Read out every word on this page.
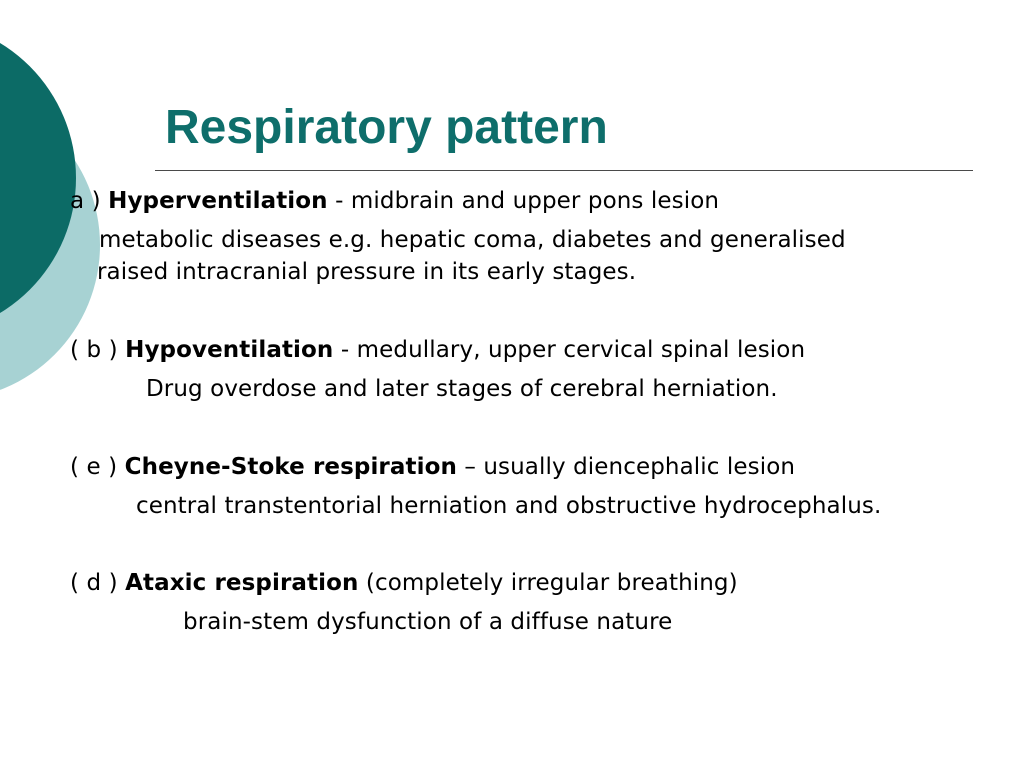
Respiratory pattern

a ) Hyperventilation - midbrain and upper pons lesion

metabolic diseases e.g. hepatic coma, diabetes and generalised

raised intracranial pressure in its early stages.

( b ) Hypoventilation - medullary, upper cervical spinal lesion

Drug overdose and later stages of cerebral herniation.

( e ) Cheyne-Stoke respiration – usually diencephalic lesion

central transtentorial herniation and obstructive hydrocephalus.

( d ) Ataxic respiration (completely irregular breathing)

brain-stem dysfunction of a diffuse nature
